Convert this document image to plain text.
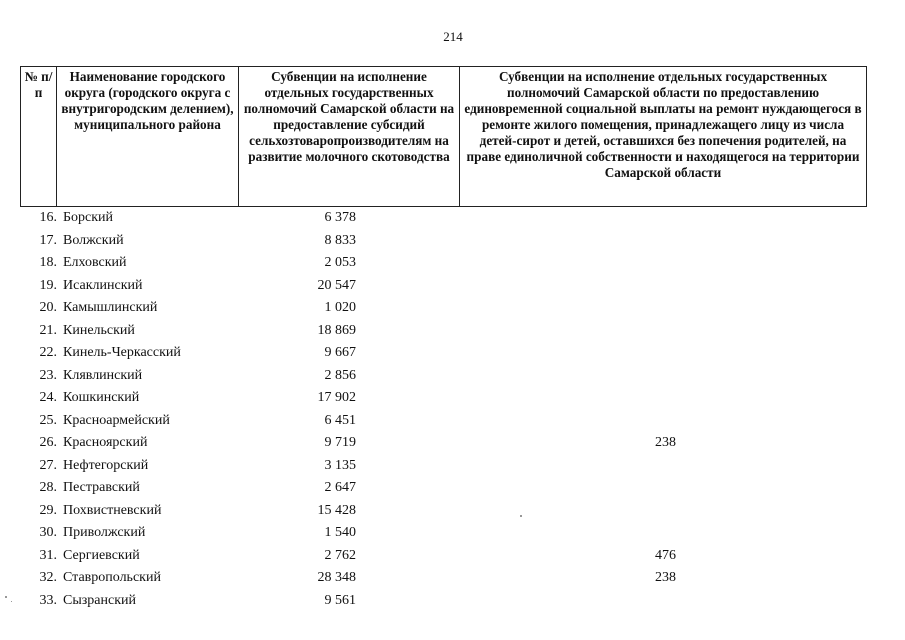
214
№ п/п	Наименование городского округа (городского округа с внутригородским делением), муниципального района	Субвенции на исполнение отдельных государственных полномочий Самарской области на предоставление субсидий сельхозтоваропроизводителям на развитие молочного скотоводства	Субвенции на исполнение отдельных государственных полномочий Самарской области по предоставлению единовременной социальной выплаты на ремонт нуждающегося в ремонте жилого помещения, принадлежащего лицу из числа детей-сирот и детей, оставшихся без попечения родителей, на праве единоличной собственности и находящегося на территории Самарской области
16. Борский	6 378
17. Волжский	8 833
18. Елховский	2 053
19. Исаклинский	20 547
20. Камышлинский	1 020
21. Кинельский	18 869
22. Кинель-Черкасский	9 667
23. Клявлинский	2 856
24. Кошкинский	17 902
25. Красноармейский	6 451
26. Красноярский	9 719	238
27. Нефтегорский	3 135
28. Пестравский	2 647
29. Похвистневский	15 428
30. Приволжский	1 540
31. Сергиевский	2 762	476
32. Ставропольский	28 348	238
33. Сызранский	9 561
